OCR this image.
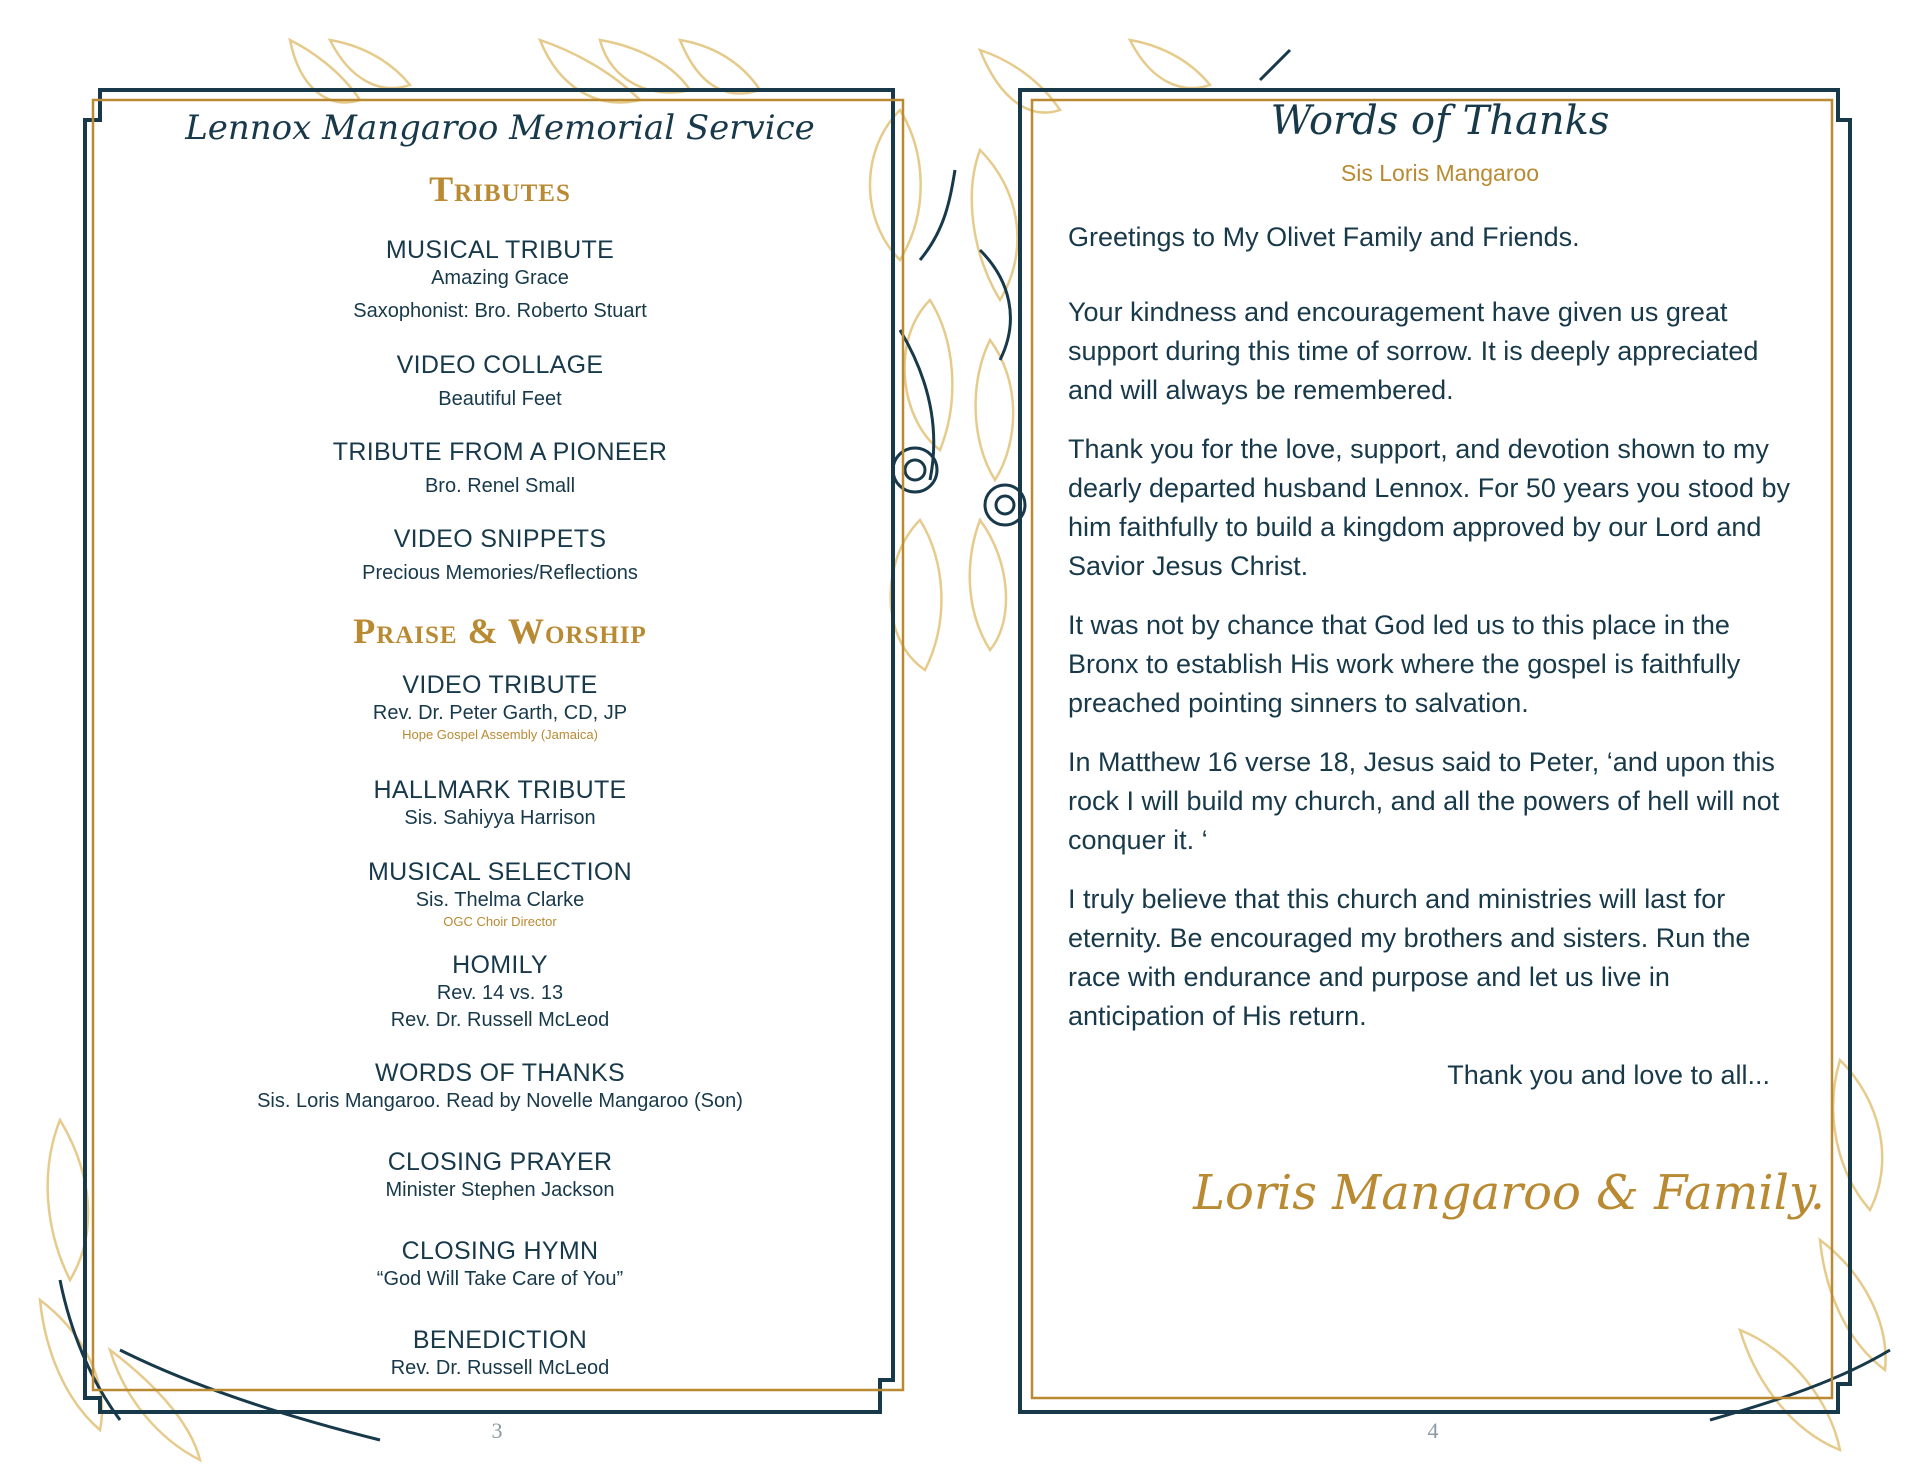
Lennox Mangaroo Memorial Service
Tributes
MUSICAL TRIBUTE
Amazing Grace
Saxophonist: Bro. Roberto Stuart
VIDEO COLLAGE
Beautiful Feet
TRIBUTE FROM A PIONEER
Bro. Renel Small
VIDEO SNIPPETS
Precious Memories/Reflections
Praise & Worship
VIDEO TRIBUTE
Rev. Dr. Peter Garth, CD, JP
Hope Gospel Assembly (Jamaica)
HALLMARK TRIBUTE
Sis. Sahiyya Harrison
MUSICAL SELECTION
Sis. Thelma Clarke
OGC Choir Director
HOMILY
Rev. 14 vs. 13
Rev. Dr. Russell McLeod
WORDS OF THANKS
Sis. Loris Mangaroo. Read by Novelle Mangaroo (Son)
CLOSING PRAYER
Minister Stephen Jackson
CLOSING HYMN
“God Will Take Care of You”
BENEDICTION
Rev. Dr. Russell McLeod
3
Words of Thanks
Sis Loris Mangaroo

Greetings to My Olivet Family and Friends.

Your kindness and encouragement have given us great support during this time of sorrow. It is deeply appreciated and will always be remembered.

Thank you for the love, support, and devotion shown to my dearly departed husband Lennox. For 50 years you stood by him faithfully to build a kingdom approved by our Lord and Savior Jesus Christ.

It was not by chance that God led us to this place in the Bronx to establish His work where the gospel is faithfully preached pointing sinners to salvation.

In Matthew 16 verse 18, Jesus said to Peter, ‘and upon this rock I will build my church, and all the powers of hell will not conquer it. ‘

I truly believe that this church and ministries will last for eternity. Be encouraged my brothers and sisters. Run the race with endurance and purpose and let us live in anticipation of His return.

Thank you and love to all...
Loris Mangaroo & Family.
4
